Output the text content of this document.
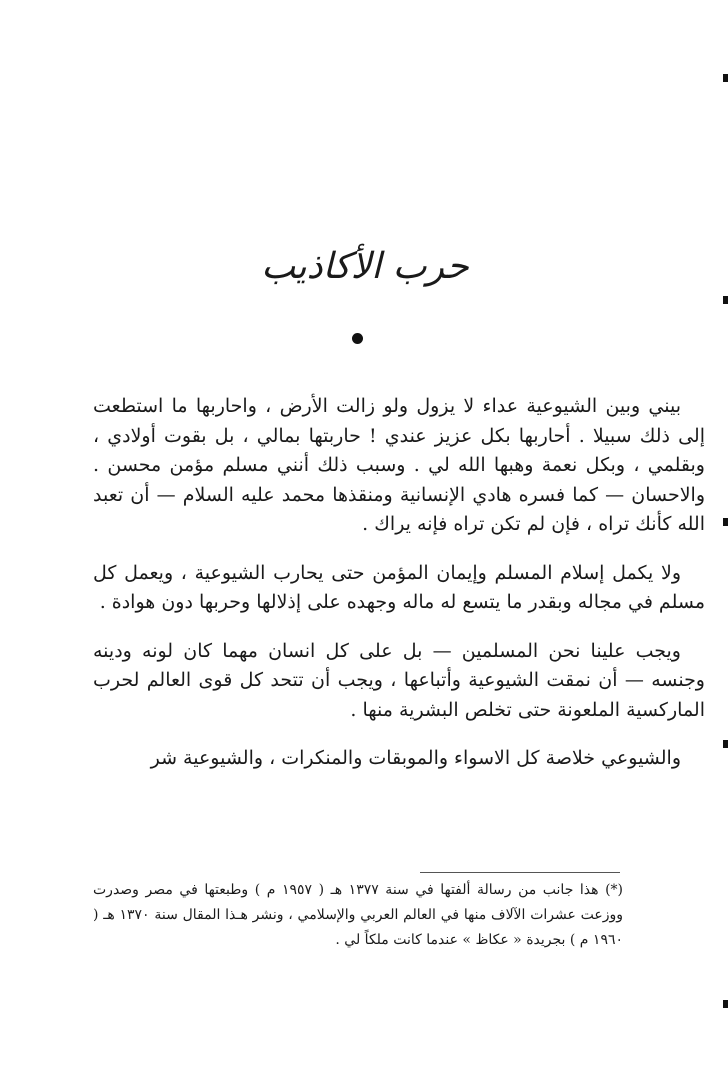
حرب الأكاذيب

بيني وبين الشيوعية عداء لا يزول ولو زالت الأرض ، واحاربها ما استطعت إلى ذلك سبيلا . أحاربها بكل عزيز عندي ! حاربتها بمالي ، بل بقوت أولادي ، وبقلمي ، وبكل نعمة وهبها الله لي . وسبب ذلك أنني مسلم مؤمن محسن . والاحسان — كما فسره هادي الإنسانية ومنقذها محمد عليه السلام — أن تعبد الله كأنك تراه ، فإن لم تكن تراه فإنه يراك .

ولا يكمل إسلام المسلم وإيمان المؤمن حتى يحارب الشيوعية ، ويعمل كل مسلم في مجاله وبقدر ما يتسع له ماله وجهده على إذلالها وحربها دون هوادة .

ويجب علينا نحن المسلمين — بل على كل انسان مهما كان لونه ودينه وجنسه — أن نمقت الشيوعية وأتباعها ، ويجب أن تتحد كل قوى العالم لحرب الماركسية الملعونة حتى تخلص البشرية منها .

والشيوعي خلاصة كل الاسواء والموبقات والمنكرات ، والشيوعية شر

(*) هذا جانب من رسالة ألفتها في سنة ١٣٧٧ هـ ( ١٩٥٧ م ) وطبعتها في مصر وصدرت ووزعت عشرات الآلاف منها في العالم العربي والإسلامي ، ونشر هـذا المقال سنة ١٣٧٠ هـ ( ١٩٦٠ م ) بجريدة « عكاظ » عندما كانت ملكاً لي .
